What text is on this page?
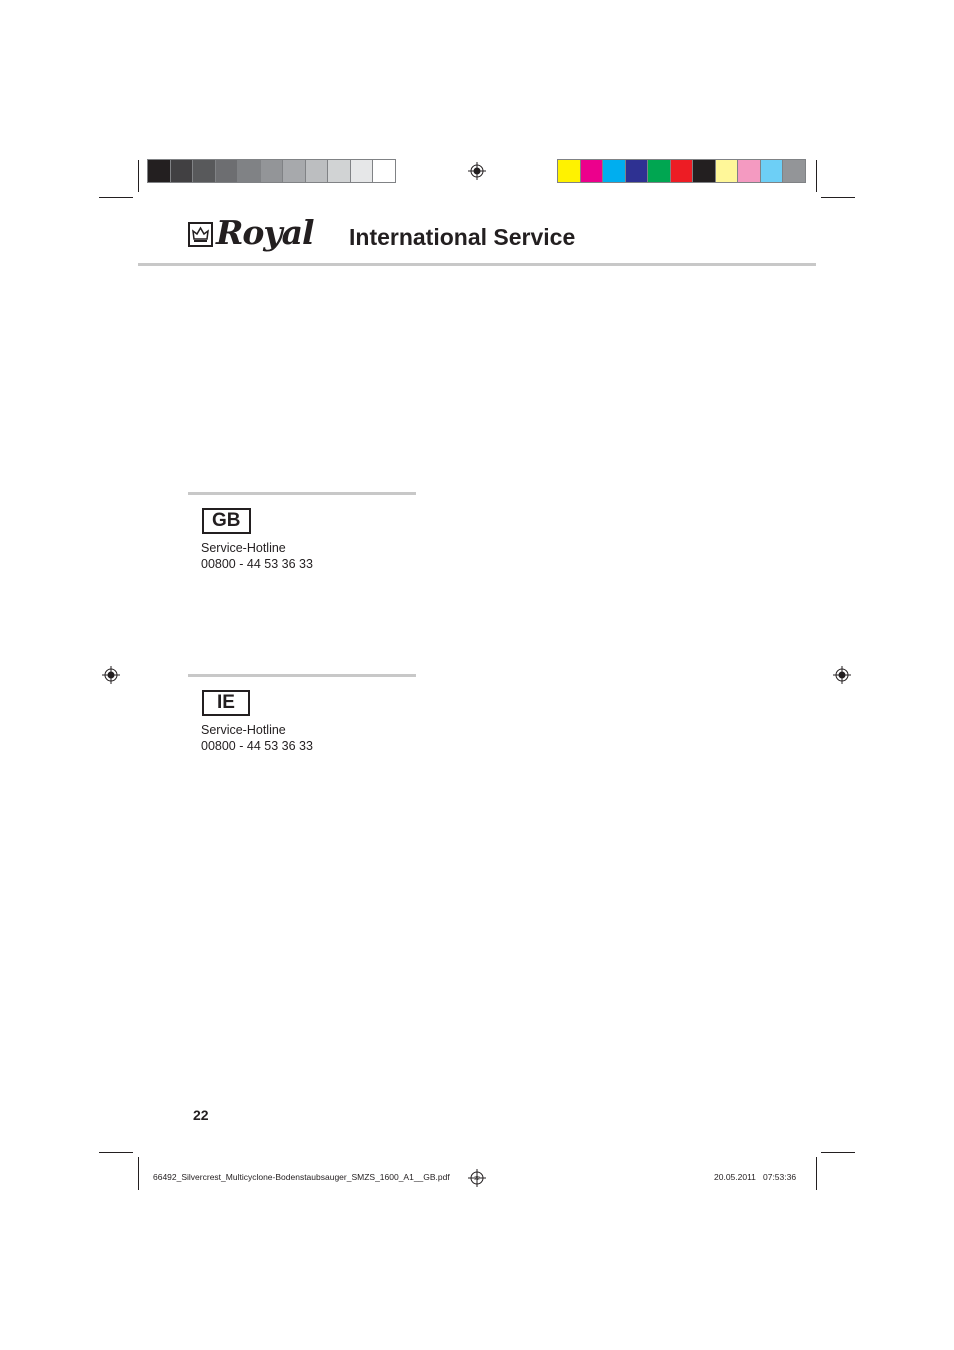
Royal International Service
GB
Service-Hotline
00800 - 44 53 36 33
IE
Service-Hotline
00800 - 44 53 36 33
22
66492_Silvercrest_Multicyclone-Bodenstaubsauger_SMZS_1600_A1__GB.pdf	22	20.05.2011   07:53:36
